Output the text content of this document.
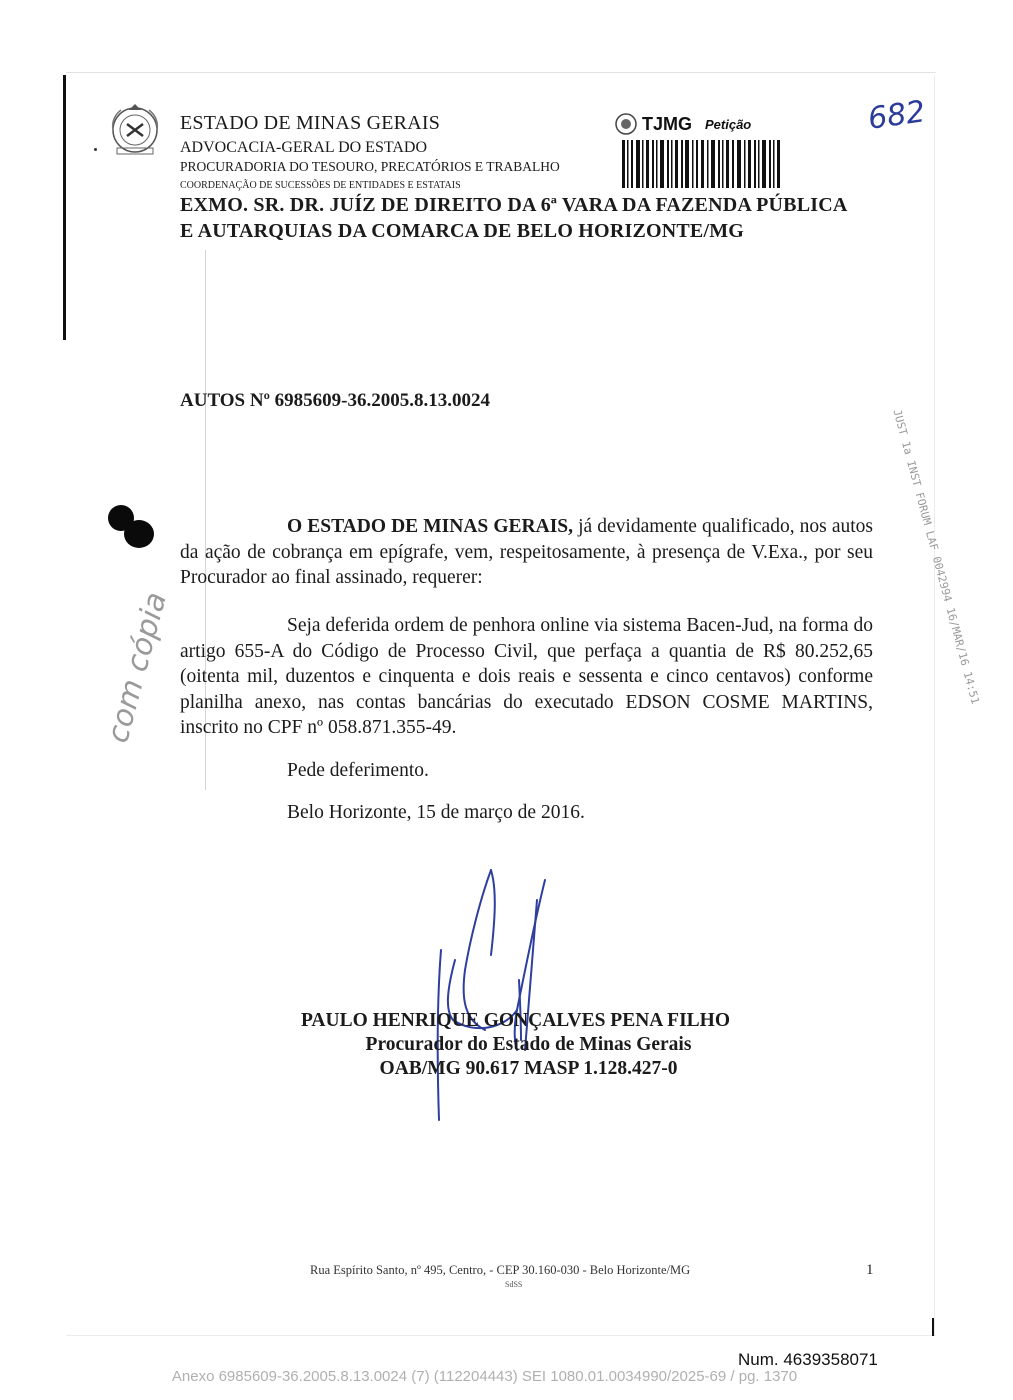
ESTADO DE MINAS GERAIS
ADVOCACIA-GERAL DO ESTADO
PROCURADORIA DO TESOURO, PRECATÓRIOS E TRABALHO
COORDENAÇÃO DE SUCESSÕES DE ENTIDADES E ESTATAIS
TJMG Petição	682
EXMO. SR. DR. JUÍZ DE DIREITO DA 6ª VARA DA FAZENDA PÚBLICA
E AUTARQUIAS DA COMARCA DE BELO HORIZONTE/MG
JUST 1a INST FORUM LAF 0042994 16/MAR/16 14:51
AUTOS Nº 6985609-36.2005.8.13.0024
com cópia
O ESTADO DE MINAS GERAIS, já devidamente qualificado, nos autos da ação de cobrança em epígrafe, vem, respeitosamente, à presença de V.Exa., por seu Procurador ao final assinado, requerer:
Seja deferida ordem de penhora online via sistema Bacen-Jud, na forma do artigo 655-A do Código de Processo Civil, que perfaça a quantia de R$ 80.252,65 (oitenta mil, duzentos e cinquenta e dois reais e sessenta e cinco centavos) conforme planilha anexo, nas contas bancárias do executado EDSON COSME MARTINS, inscrito no CPF nº 058.871.355-49.
Pede deferimento.
Belo Horizonte, 15 de março de 2016.
PAULO HENRIQUE GONÇALVES PENA FILHO
Procurador do Estado de Minas Gerais
OAB/MG 90.617 MASP 1.128.427-0
Rua Espírito Santo, nº 495, Centro, - CEP 30.160-030 - Belo Horizonte/MG
SdSS
1
Num. 4639358071
Anexo 6985609-36.2005.8.13.0024 (7) (112204443) SEI 1080.01.0034990/2025-69 / pg. 1370
